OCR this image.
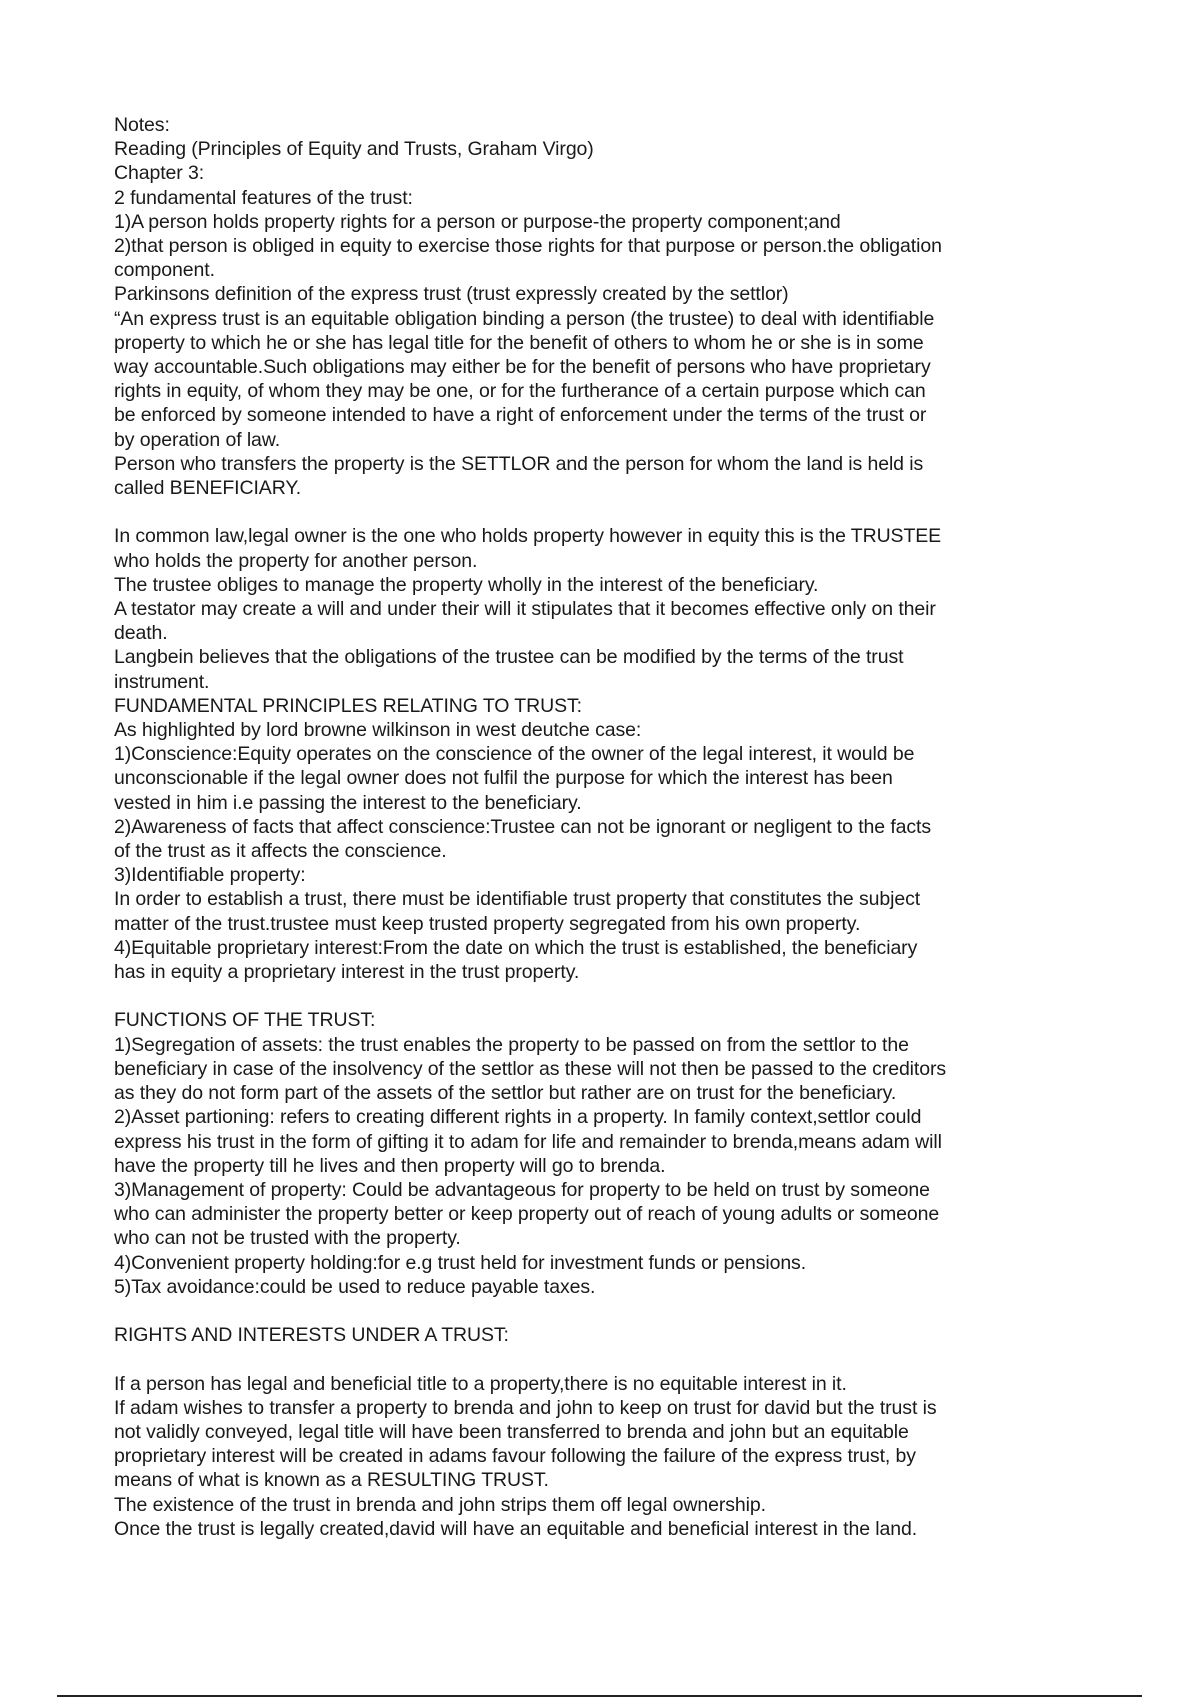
Notes:
Reading (Principles of Equity and Trusts, Graham Virgo)
Chapter 3:
2 fundamental features of the trust:
1)A person holds property rights for a person or purpose-the property component;and
2)that person is obliged in equity to exercise those rights for that purpose or person.the obligation
component.
Parkinsons definition of the express trust (trust expressly created by the settlor)
“An express trust is an equitable obligation binding a person (the trustee) to deal with identifiable
property to which he or she has legal title for the benefit of others to whom he or she is in some
way accountable.Such obligations may either be for the benefit of persons who have proprietary
rights in equity, of whom they may be one, or for the furtherance of a certain purpose which can
be enforced by someone intended to have a right of enforcement under the terms of the trust or
by operation of law.
Person who transfers the property is the SETTLOR and the person for whom the land is held is
called BENEFICIARY.
In common law,legal owner is the one who holds property however in equity this is the TRUSTEE
who holds the property for another person.
The trustee obliges to manage the property wholly in the interest of the beneficiary.
A testator may create a will and under their will it stipulates that it becomes effective only on their
death.
Langbein believes that the obligations of the trustee can be modified by the terms of the trust
instrument.
FUNDAMENTAL PRINCIPLES RELATING TO TRUST:
As highlighted by lord browne wilkinson in west deutche case:
1)Conscience:Equity operates on the conscience of the owner of the legal interest, it would be
unconscionable if the legal owner does not fulfil the purpose for which the interest has been
vested in him i.e passing the interest to the beneficiary.
2)Awareness of facts that affect conscience:Trustee can not be ignorant or negligent to the facts
of the trust as it affects the conscience.
3)Identifiable property:
In order to establish a trust, there must be identifiable trust property that constitutes the subject
matter of the trust.trustee must keep trusted property segregated from his own property.
4)Equitable proprietary interest:From the date on which the trust is established, the beneficiary
has in equity a proprietary interest in the trust property.
FUNCTIONS OF THE TRUST:
1)Segregation of assets: the trust enables the property to be passed on from the settlor to the
beneficiary in case of the insolvency of the settlor as these will not then be passed to the creditors
as they do not form part of the assets of the settlor but rather are on trust for the beneficiary.
2)Asset partioning: refers to creating different rights in a property. In family context,settlor could
express his trust in the form of gifting it to adam for life and remainder to brenda,means adam will
have the property till he lives and then property will go to brenda.
3)Management of property: Could be advantageous for property to be held on trust by someone
who can administer the property better or keep property out of reach of young adults or someone
who can not be trusted with the property.
4)Convenient property holding:for e.g trust held for investment funds or pensions.
5)Tax avoidance:could be used to reduce payable taxes.
RIGHTS AND INTERESTS UNDER A TRUST:
If a person has legal and beneficial title to a property,there is no equitable interest in it.
If adam wishes to transfer a property to brenda and john to keep on trust for david but the trust is
not validly conveyed, legal title will have been transferred to brenda and john but an equitable
proprietary interest will be created in adams favour following the failure of the express trust, by
means of what is known as a RESULTING TRUST.
The existence of the trust in brenda and john strips them off legal ownership.
Once the trust is legally created,david will have an equitable and beneficial interest in the land.
